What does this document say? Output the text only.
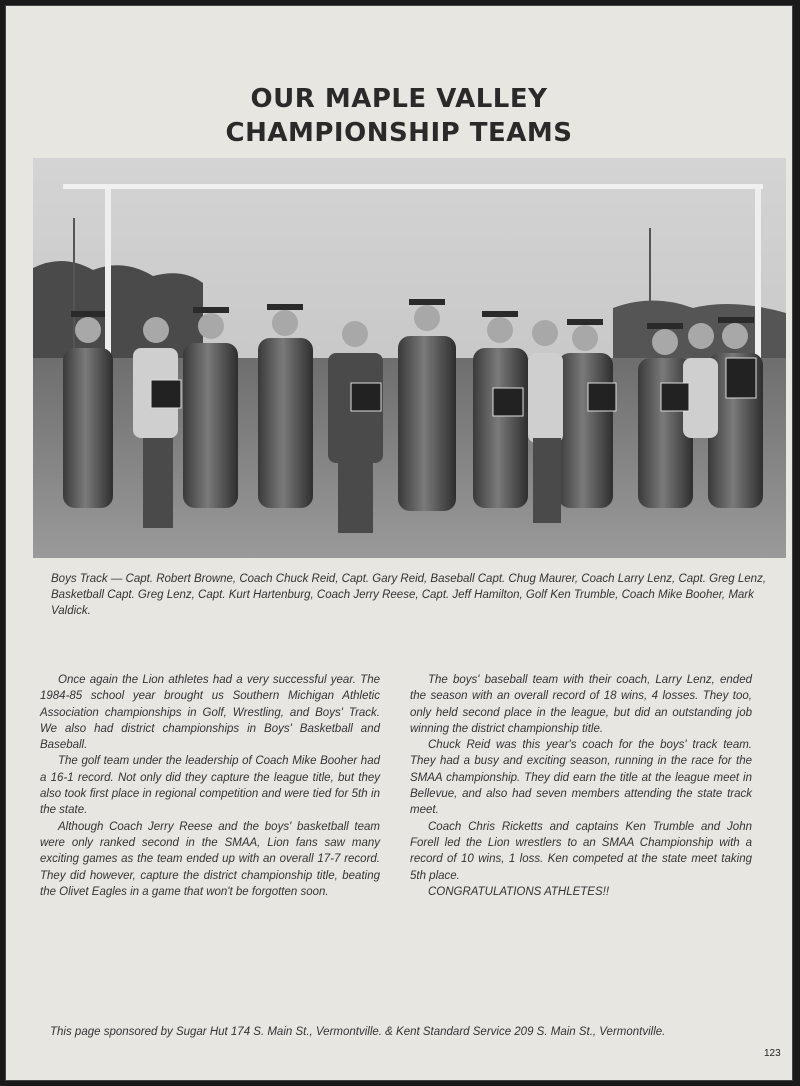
OUR MAPLE VALLEY
CHAMPIONSHIP TEAMS
Boys Track — Capt. Robert Browne, Coach Chuck Reid, Capt. Gary Reid, Baseball Capt. Chug Maurer, Coach Larry Lenz, Capt. Greg Lenz, Basketball Capt. Greg Lenz, Capt. Kurt Hartenburg, Coach Jerry Reese, Capt. Jeff Hamilton, Golf Ken Trumble, Coach Mike Booher, Mark Valdick.

Once again the Lion athletes had a very successful year. The 1984-85 school year brought us Southern Michigan Athletic Association championships in Golf, Wrestling, and Boys' Track. We also had district championships in Boys' Basketball and Baseball.

The golf team under the leadership of Coach Mike Booher had a 16-1 record. Not only did they capture the league title, but they also took first place in regional competition and were tied for 5th in the state.

Although Coach Jerry Reese and the boys' basketball team were only ranked second in the SMAA, Lion fans saw many exciting games as the team ended up with an overall 17-7 record. They did however, capture the district championship title, beating the Olivet Eagles in a game that won't be forgotten soon.

The boys' baseball team with their coach, Larry Lenz, ended the season with an overall record of 18 wins, 4 losses. They too, only held second place in the league, but did an outstanding job winning the district championship title.

Chuck Reid was this year's coach for the boys' track team. They had a busy and exciting season, running in the race for the SMAA championship. They did earn the title at the league meet in Bellevue, and also had seven members attending the state track meet.

Coach Chris Ricketts and captains Ken Trumble and John Forell led the Lion wrestlers to an SMAA Championship with a record of 10 wins, 1 loss. Ken competed at the state meet taking 5th place.

CONGRATULATIONS ATHLETES!!

This page sponsored by Sugar Hut 174 S. Main St., Vermontville. & Kent Standard Service 209 S. Main St., Vermontville.
123
